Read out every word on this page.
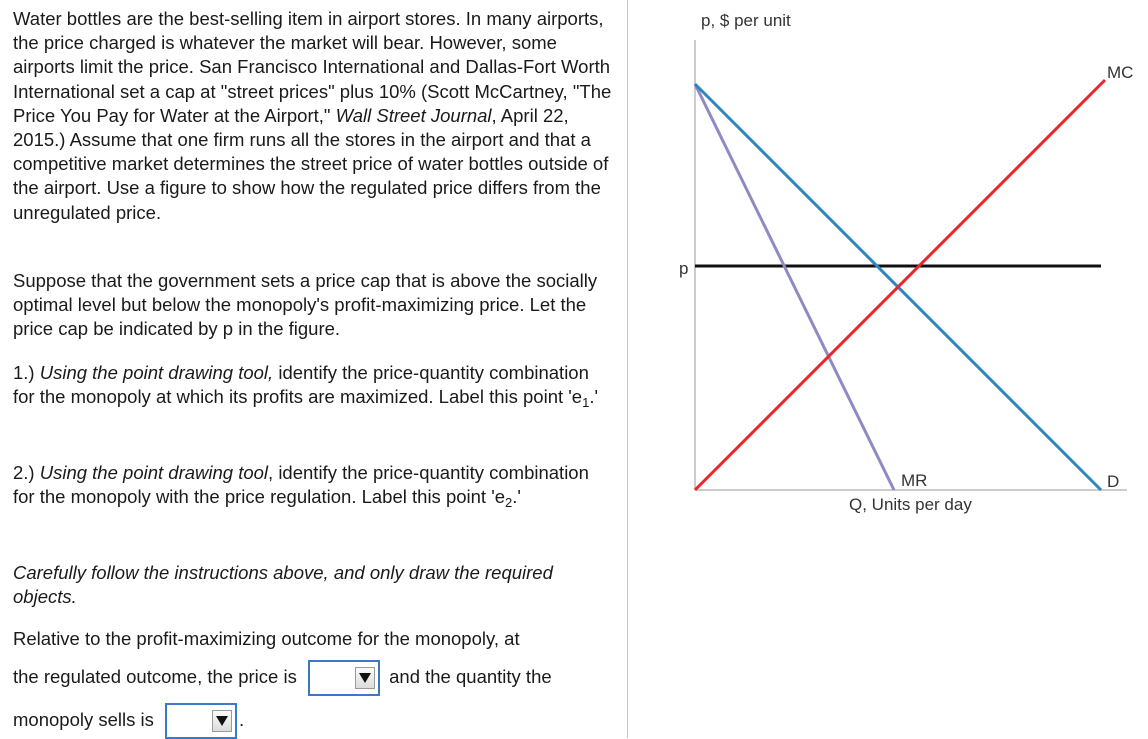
Water bottles are the best-selling item in airport stores. In many airports, the price charged is whatever the market will bear. However, some airports limit the price. San Francisco International and Dallas-Fort Worth International set a cap at "street prices" plus 10% (Scott McCartney, "The Price You Pay for Water at the Airport," Wall Street Journal, April 22, 2015.) Assume that one firm runs all the stores in the airport and that a competitive market determines the street price of water bottles outside of the airport. Use a figure to show how the regulated price differs from the unregulated price.

Suppose that the government sets a price cap that is above the socially optimal level but below the monopoly's profit-maximizing price. Let the price cap be indicated by p in the figure.

1.) Using the point drawing tool, identify the price-quantity combination for the monopoly at which its profits are maximized. Label this point '$e_1$.'

2.) Using the point drawing tool, identify the price-quantity combination for the monopoly with the price regulation. Label this point '$e_2$.'

Carefully follow the instructions above, and only draw the required objects.

Relative to the profit-maximizing outcome for the monopoly, at
the regulated outcome, the price is	and the quantity the
monopoly sells is	.
p, $ per unit
Q, Units per day
p
MC
D
MR
